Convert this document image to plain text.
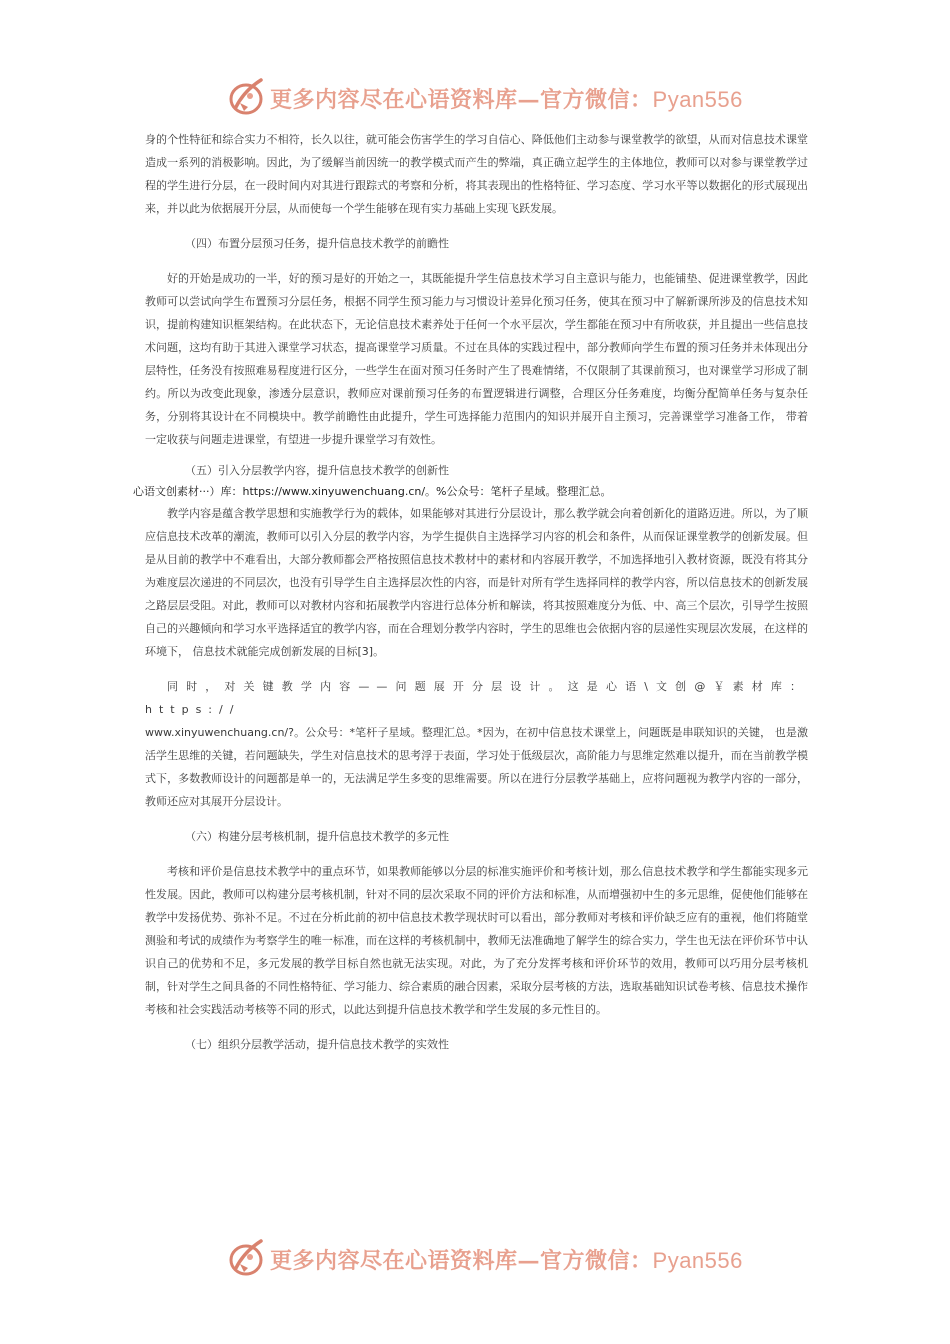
更多内容尽在心语资料库—官方微信：Pyan556

身的个性特征和综合实力不相符，长久以往，就可能会伤害学生的学习自信心、降低他们主动参与课堂教学的欲望，从而对信息技术课堂造成一系列的消极影响。因此，为了缓解当前因统一的教学模式而产生的弊端，真正确立起学生的主体地位，教师可以对参与课堂教学过程的学生进行分层，在一段时间内对其进行跟踪式的考察和分析，将其表现出的性格特征、学习态度、学习水平等以数据化的形式展现出来，并以此为依据展开分层，从而使每一个学生能够在现有实力基础上实现飞跃发展。

（四）布置分层预习任务，提升信息技术教学的前瞻性

好的开始是成功的一半，好的预习是好的开始之一，其既能提升学生信息技术学习自主意识与能力，也能铺垫、促进课堂教学，因此教师可以尝试向学生布置预习分层任务，根据不同学生预习能力与习惯设计差异化预习任务，使其在预习中了解新课所涉及的信息技术知识，提前构建知识框架结构。在此状态下，无论信息技术素养处于任何一个水平层次，学生都能在预习中有所收获，并且提出一些信息技术问题，这均有助于其进入课堂学习状态，提高课堂学习质量。不过在具体的实践过程中，部分教师向学生布置的预习任务并未体现出分层特性，任务没有按照难易程度进行区分，一些学生在面对预习任务时产生了畏难情绪，不仅限制了其课前预习，也对课堂学习形成了制约。所以为改变此现象，渗透分层意识，教师应对课前预习任务的布置逻辑进行调整，合理区分任务难度，均衡分配简单任务与复杂任务，分别将其设计在不同模块中。教学前瞻性由此提升，学生可选择能力范围内的知识并展开自主预习，完善课堂学习准备工作， 带着一定收获与问题走进课堂，有望进一步提升课堂学习有效性。

（五）引入分层教学内容，提升信息技术教学的创新性
心语文创素材···）库：https://www.xinyuwenchuang.cn/。%公众号：笔杆子星域。整理汇总。

教学内容是蕴含教学思想和实施教学行为的载体，如果能够对其进行分层设计，那么教学就会向着创新化的道路迈进。所以，为了顺应信息技术改革的潮流，教师可以引入分层的教学内容，为学生提供自主选择学习内容的机会和条件，从而保证课堂教学的创新发展。但是从目前的教学中不难看出，大部分教师都会严格按照信息技术教材中的素材和内容展开教学，不加选择地引入教材资源，既没有将其分为难度层次递进的不同层次，也没有引导学生自主选择层次性的内容，而是针对所有学生选择同样的教学内容，所以信息技术的创新发展之路层层受阻。对此，教师可以对教材内容和拓展教学内容进行总体分析和解读，将其按照难度分为低、中、高三个层次，引导学生按照自己的兴趣倾向和学习水平选择适宜的教学内容，而在合理划分教学内容时，学生的思维也会依据内容的层递性实现层次发展，在这样的环境下， 信息技术就能完成创新发展的目标[3]。

同时，对关键教学内容——问题展开分层设计。这是心语\文创@￥素材库：https://

www.xinyuwenchuang.cn/?。公众号：*笔杆子星域。整理汇总。*因为，在初中信息技术课堂上，问题既是串联知识的关键， 也是激活学生思维的关键，若问题缺失，学生对信息技术的思考浮于表面，学习处于低级层次，高阶能力与思维定然难以提升，而在当前教学模式下，多数教师设计的问题都是单一的，无法满足学生多变的思维需要。所以在进行分层教学基础上，应将问题视为教学内容的一部分，教师还应对其展开分层设计。

（六）构建分层考核机制，提升信息技术教学的多元性

考核和评价是信息技术教学中的重点环节，如果教师能够以分层的标准实施评价和考核计划，那么信息技术教学和学生都能实现多元性发展。因此，教师可以构建分层考核机制，针对不同的层次采取不同的评价方法和标准，从而增强初中生的多元思维，促使他们能够在教学中发扬优势、弥补不足。不过在分析此前的初中信息技术教学现状时可以看出，部分教师对考核和评价缺乏应有的重视，他们将随堂测验和考试的成绩作为考察学生的唯一标准，而在这样的考核机制中，教师无法准确地了解学生的综合实力，学生也无法在评价环节中认识自己的优势和不足，多元发展的教学目标自然也就无法实现。对此，为了充分发挥考核和评价环节的效用，教师可以巧用分层考核机制，针对学生之间具备的不同性格特征、学习能力、综合素质的融合因素，采取分层考核的方法，选取基础知识试卷考核、信息技术操作考核和社会实践活动考核等不同的形式，以此达到提升信息技术教学和学生发展的多元性目的。

（七）组织分层教学活动，提升信息技术教学的实效性
更多内容尽在心语资料库—官方微信：Pyan556
